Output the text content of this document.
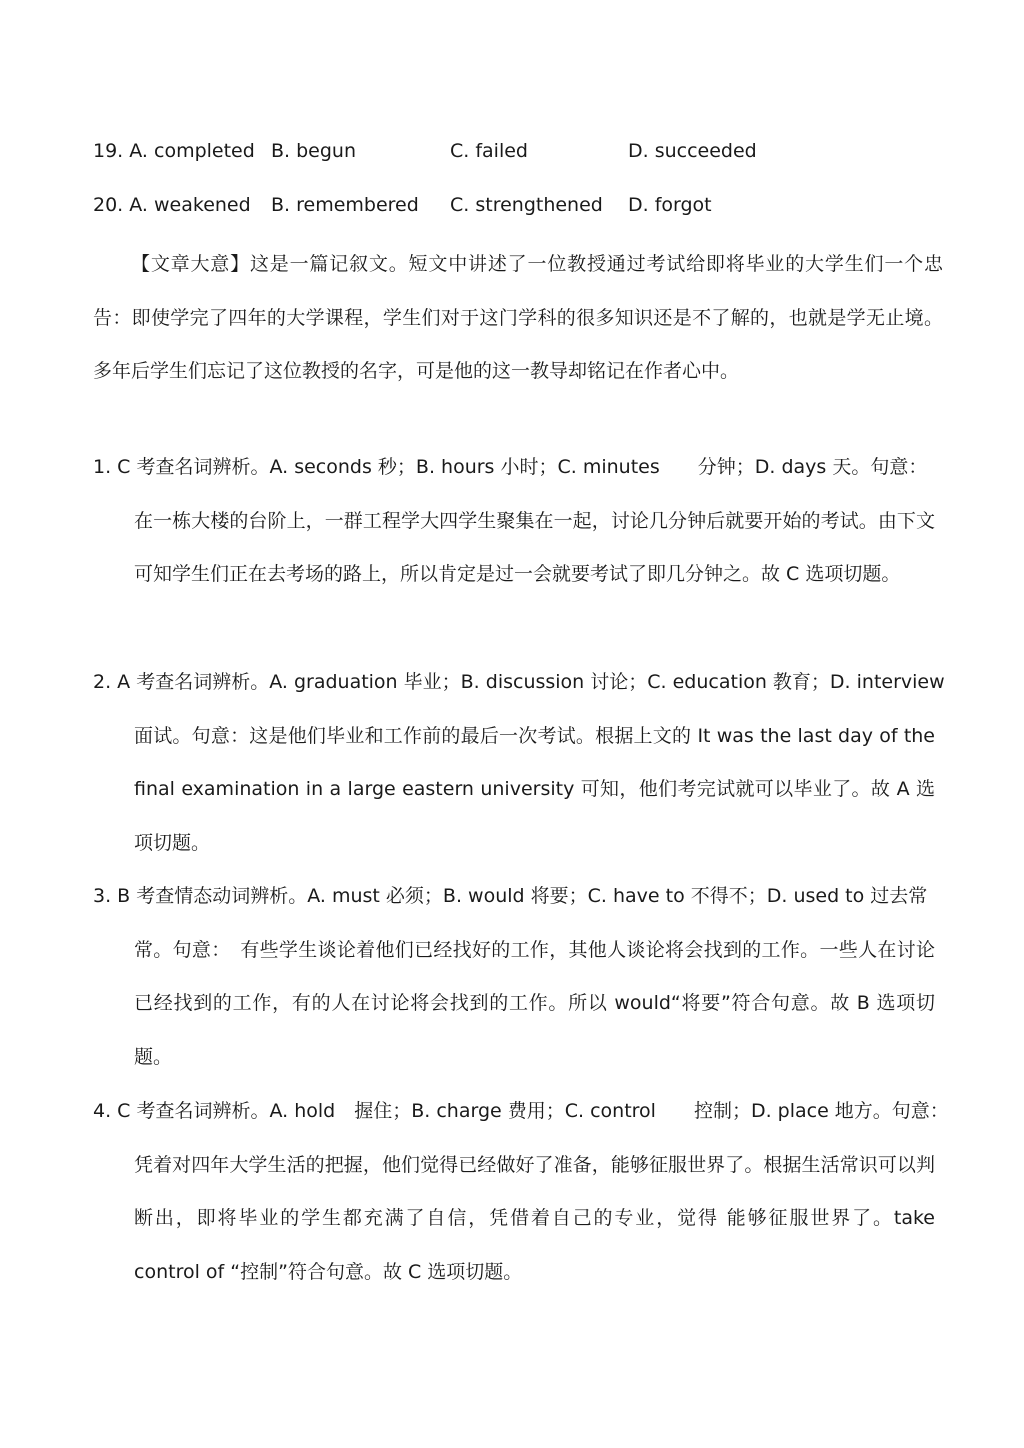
19. A. completed B. begun	C. failed	D. succeeded
20. A. weakened B. remembered C. strengthened D. forgot
【文章大意】这是一篇记叙文。短文中讲述了一位教授通过考试给即将毕业的大学生们一个忠告：即使学完了四年的大学课程，学生们对于这门学科的很多知识还是不了解的，也就是学无止境。多年后学生们忘记了这位教授的名字，可是他的这一教导却铭记在作者心中。
1. C 考查名词辨析。A. seconds 秒；B. hours 小时；C. minutes　　分钟；D. days 天。句意：
在一栋大楼的台阶上，一群工程学大四学生聚集在一起，讨论几分钟后就要开始的考试。由下文可知学生们正在去考场的路上，所以肯定是过一会就要考试了即几分钟之。故 C 选项切题。
2. A 考查名词辨析。A. graduation 毕业；B. discussion 讨论；C. education 教育；D. interview
面试。句意：这是他们毕业和工作前的最后一次考试。根据上文的 It was the last day of the final examination in a large eastern university 可知，他们考完试就可以毕业了。故 A 选项切题。
3. B 考查情态动词辨析。A. must 必须；B. would 将要；C. have to 不得不；D. used to 过去常
常。句意：　有些学生谈论着他们已经找好的工作，其他人谈论将会找到的工作。一些人在讨论已经找到的工作，有的人在讨论将会找到的工作。所以 would“将要”符合句意。故 B 选项切题。
4. C 考查名词辨析。A. hold　握住；B. charge 费用；C. control　　控制；D. place 地方。句意：
凭着对四年大学生活的把握，他们觉得已经做好了准备，能够征服世界了。根据生活常识可以判断出，即将毕业的学生都充满了自信，凭借着自己的专业，觉得 能够征服世界了。take control of “控制”符合句意。故 C 选项切题。
